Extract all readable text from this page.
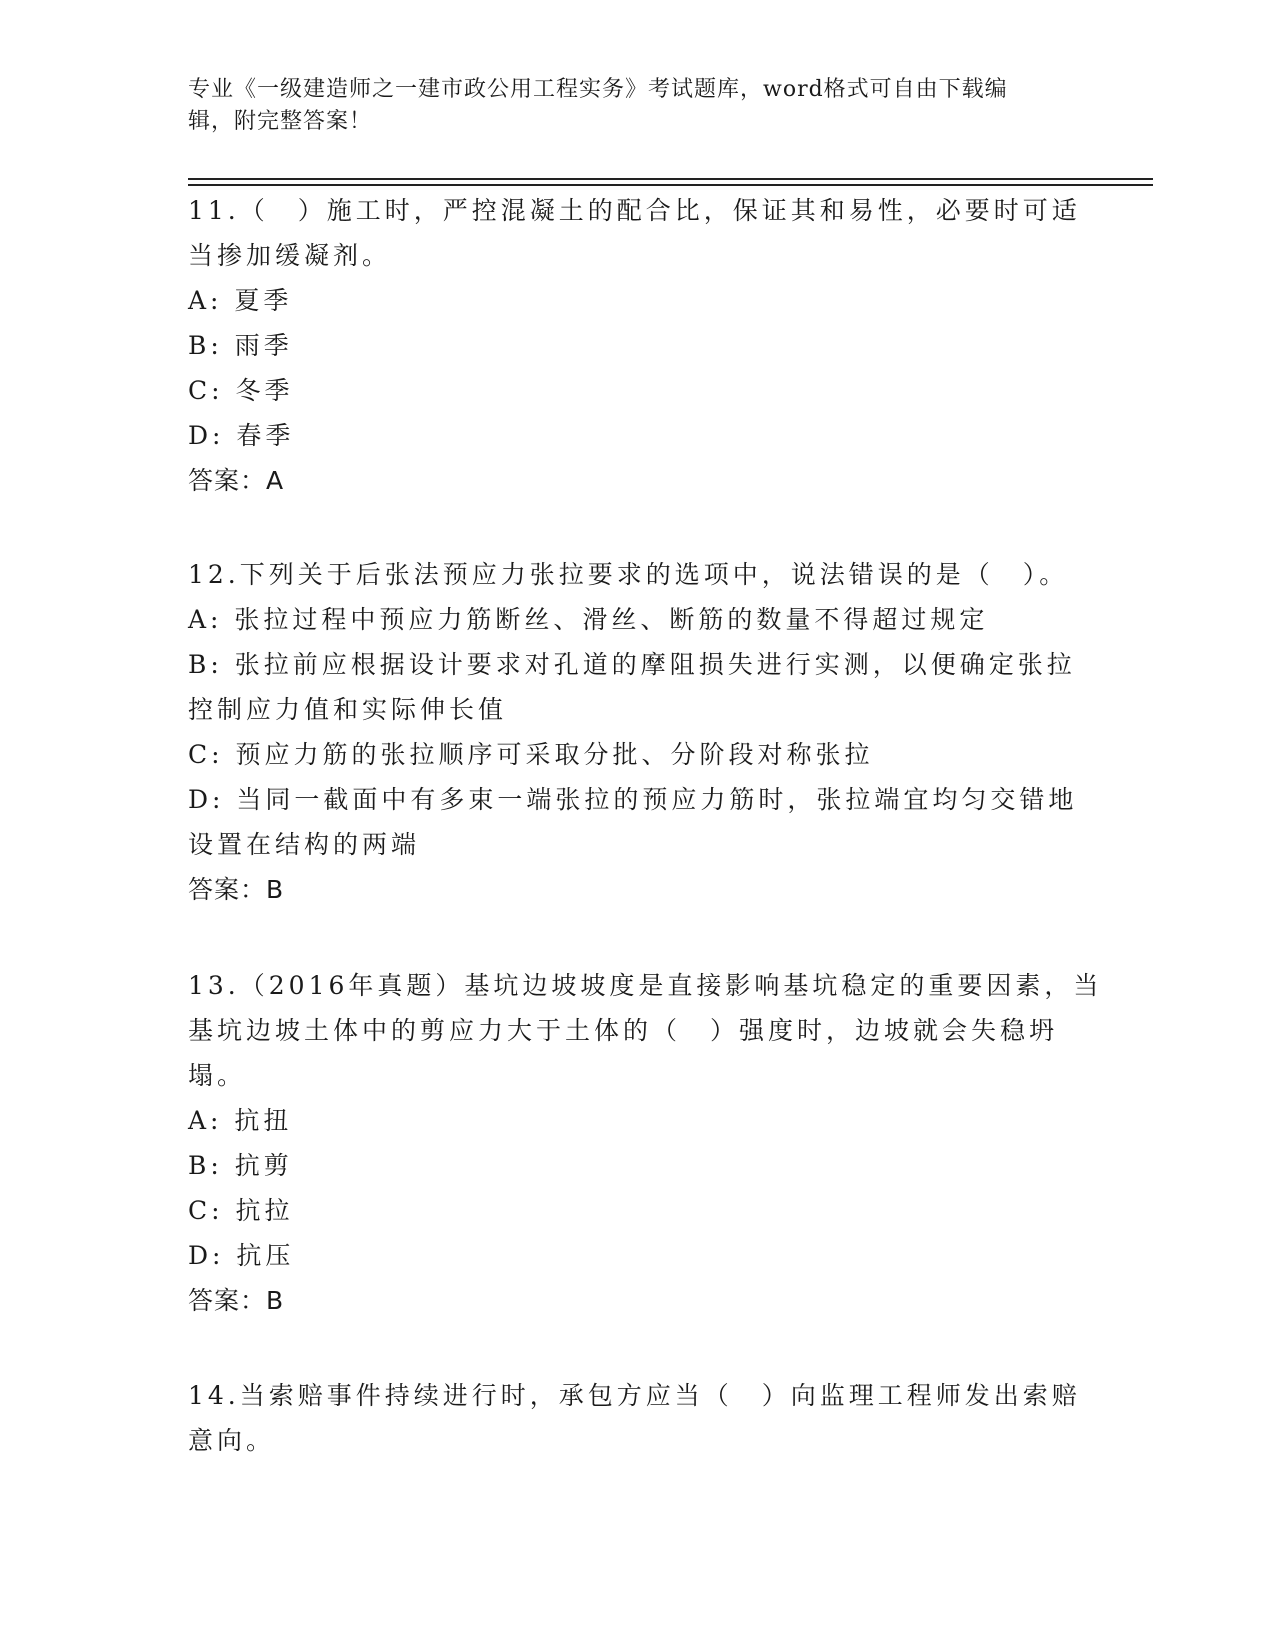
专业《一级建造师之一建市政公用工程实务》考试题库，word格式可自由下载编
辑，附完整答案！
11.（　）施工时，严控混凝土的配合比，保证其和易性，必要时可适
当掺加缓凝剂。
A: 夏季
B: 雨季
C: 冬季
D: 春季
答案：A
12.下列关于后张法预应力张拉要求的选项中，说法错误的是（　）。
A: 张拉过程中预应力筋断丝、滑丝、断筋的数量不得超过规定
B: 张拉前应根据设计要求对孔道的摩阻损失进行实测，以便确定张拉
控制应力值和实际伸长值
C: 预应力筋的张拉顺序可采取分批、分阶段对称张拉
D: 当同一截面中有多束一端张拉的预应力筋时，张拉端宜均匀交错地
设置在结构的两端
答案：B
13.（2016年真题）基坑边坡坡度是直接影响基坑稳定的重要因素，当
基坑边坡土体中的剪应力大于土体的（　）强度时，边坡就会失稳坍
塌。
A: 抗扭
B: 抗剪
C: 抗拉
D: 抗压
答案：B
14.当索赔事件持续进行时，承包方应当（　）向监理工程师发出索赔
意向。
